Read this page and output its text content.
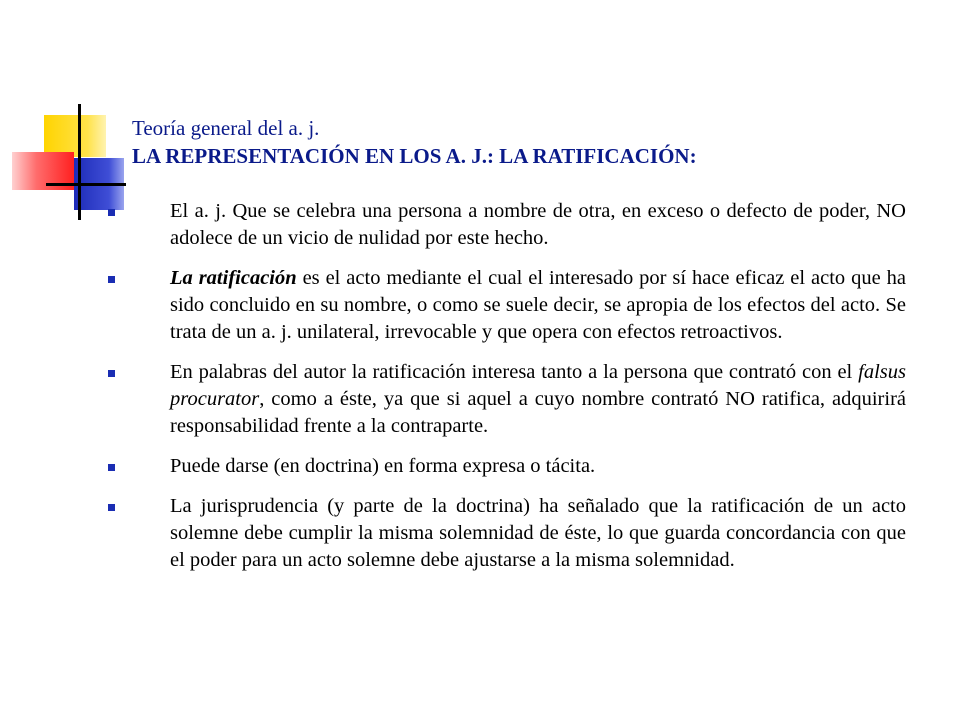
Teoría general del a. j.
LA REPRESENTACIÓN EN LOS A. J.: LA RATIFICACIÓN:
El a. j. Que se celebra una persona a nombre de otra, en exceso o defecto de poder, NO adolece de un vicio de nulidad por este hecho.
La ratificación es el acto mediante el cual el interesado por sí hace eficaz el acto que ha sido concluido en su nombre, o como se suele decir, se apropia de los efectos del acto. Se trata de un a. j. unilateral, irrevocable y que opera con efectos retroactivos.
En palabras del autor la ratificación interesa tanto a la persona que contrató con el falsus procurator, como a éste, ya que si aquel a cuyo nombre contrató NO ratifica, adquirirá responsabilidad frente a la contraparte.
Puede darse (en doctrina) en forma expresa o tácita.
La jurisprudencia (y parte de la doctrina) ha señalado que la ratificación de un acto solemne debe cumplir la misma solemnidad de éste, lo que guarda concordancia con que el poder para un acto solemne debe ajustarse a la misma solemnidad.
